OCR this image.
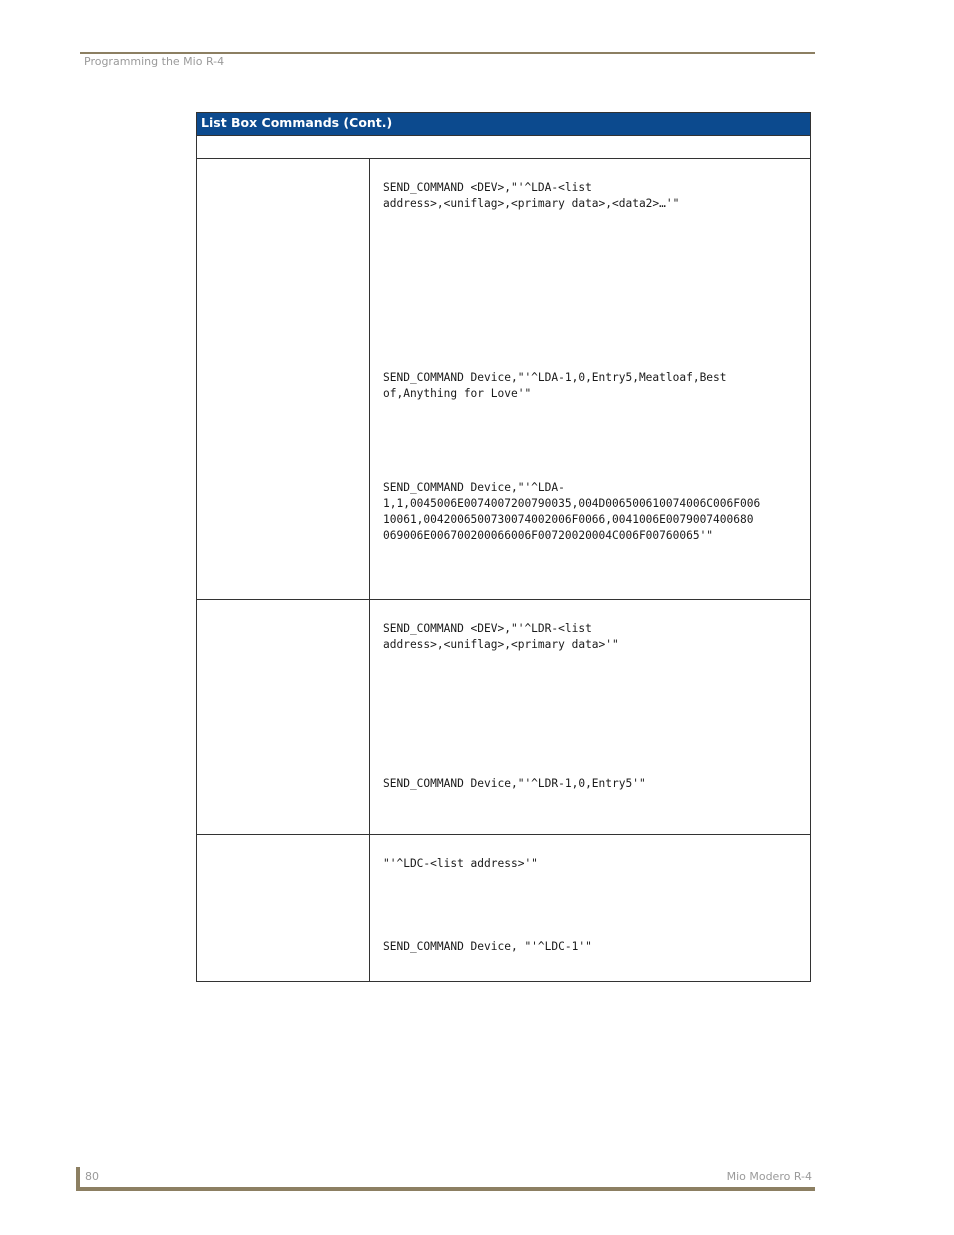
Programming the Mio R-4
List Box Commands (Cont.)
SEND_COMMAND <DEV>,"'^LDA-<list
address>,<uniflag>,<primary data>,<data2>…'"
SEND_COMMAND Device,"'^LDA-1,0,Entry5,Meatloaf,Best
of,Anything for Love'"
SEND_COMMAND Device,"'^LDA-
1,1,0045006E0074007200790035,004D006500610074006C006F006
10061,0042006500730074002006F0066,0041006E0079007400680
069006E006700200066006F00720020004C006F00760065'"
SEND_COMMAND <DEV>,"'^LDR-<list
address>,<uniflag>,<primary data>'"
SEND_COMMAND Device,"'^LDR-1,0,Entry5'"
"'^LDC-<list address>'"
SEND_COMMAND Device, "'^LDC-1'"
80	Mio Modero R-4
